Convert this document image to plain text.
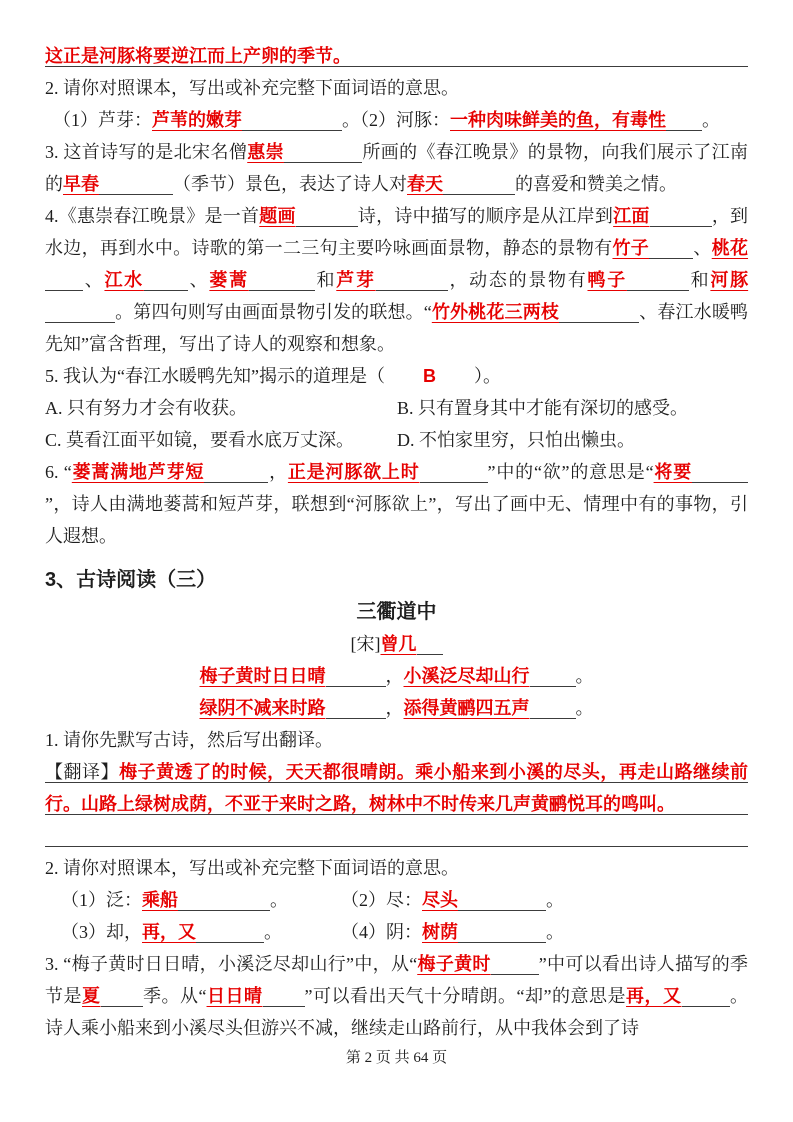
这正是河豚将要逆江而上产卵的季节。
2. 请你对照课本，写出或补充完整下面词语的意思。
（1）芦芽：芦苇的嫩芽	。（2）河豚：一种肉味鲜美的鱼，有毒性 。
3. 这首诗写的是北宋名僧惠崇	所画的《春江晚景》的景物，向我们展示了江南的早春	（季节）景色，表达了诗人对春天	的喜爱和赞美之情。
4.《惠崇春江晚景》是一首题画	诗，诗中描写的顺序是从江岸到江面	，到水边，再到水中。诗歌的第一二三句主要吟咏画面景物，静态的景物有竹子 、桃花、江水 、蒌蒿	和芦芽	，动态的景物有鸭子	和河豚。第四句则写由画面景物引发的联想。“竹外桃花三两枝	、春江水暖鸭先知”富含哲理，写出了诗人的观察和想象。
5. 我认为“春江水暖鸭先知”揭示的道理是（ B ）。
A. 只有努力才会有收获。	B. 只有置身其中才能有深切的感受。
C. 莫看江面平如镜，要看水底万丈深。	D. 不怕家里穷，只怕出懒虫。
6. “蒌蒿满地芦芽短	，正是河豚欲上时	”中的“欲”的意思是“将要”，诗人由满地蒌蒿和短芦芽，联想到“河豚欲上”，写出了画中无、情理中有的事物，引人遐想。
3、古诗阅读（三）
三衢道中
[宋]曾几
梅子黄时日日晴	，小溪泛尽却山行	。
绿阴不减来时路	，添得黄鹂四五声	。
1. 请你先默写古诗，然后写出翻译。
【翻译】梅子黄透了的时候，天天都很晴朗。乘小船来到小溪的尽头，再走山路继续前行。山路上绿树成荫，不亚于来时之路，树林中不时传来几声黄鹂悦耳的鸣叫。
2. 请你对照课本，写出或补充完整下面词语的意思。
（1）泛：乘船	。	（2）尽：尽头	。
（3）却，再，又	。	（4）阴：树荫	。
3. “梅子黄时日日晴，小溪泛尽却山行”中，从“梅子黄时	”中可以看出诗人描写的季节是夏 季。从“日日晴 ”可以看出天气十分晴朗。“却”的意思是再，又	。诗人乘小船来到小溪尽头但游兴不减，继续走山路前行，从中我体会到了诗
第 2 页 共 64 页
